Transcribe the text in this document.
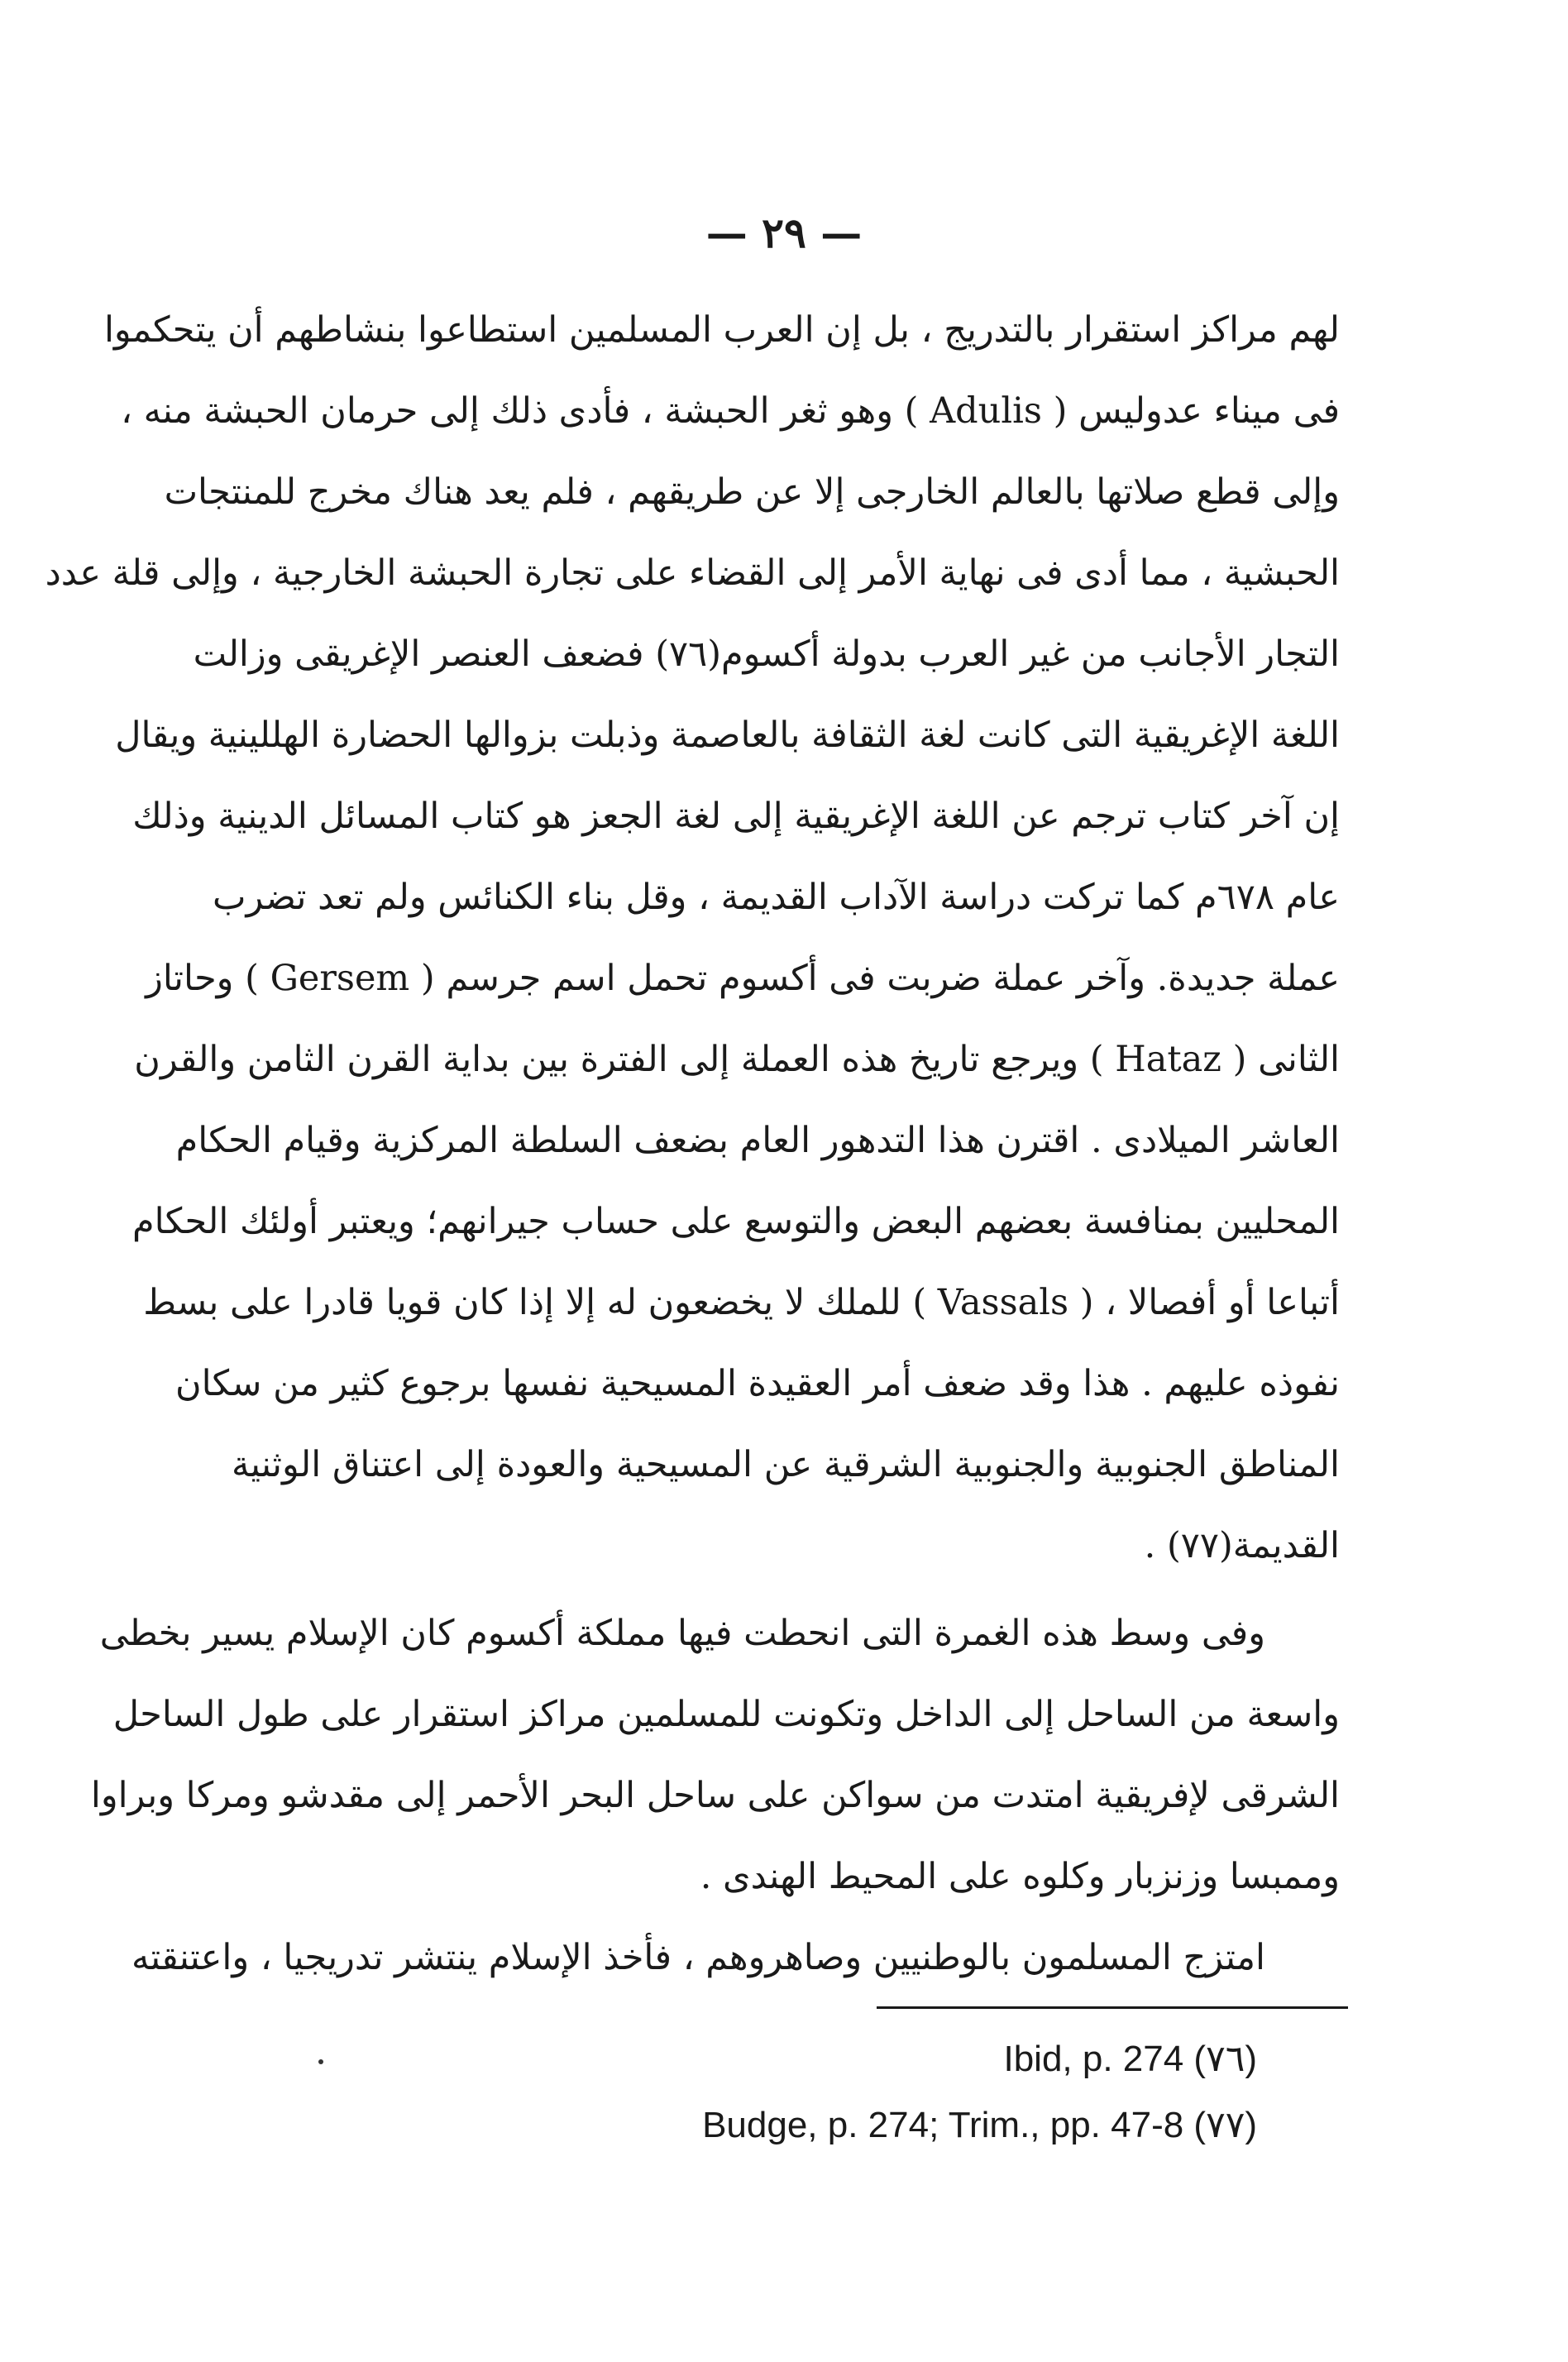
— ٢٩ —
لهم مراكز استقرار بالتدريج ، بل إن العرب المسلمين استطاعوا بنشاطهم أن يتحكموا
فى ميناء عدوليس ( Adulis ) وهو ثغر الحبشة ، فأدى ذلك إلى حرمان الحبشة منه ،
وإلى قطع صلاتها بالعالم الخارجى إلا عن طريقهم ، فلم يعد هناك مخرج للمنتجات
الحبشية ، مما أدى فى نهاية الأمر إلى القضاء على تجارة الحبشة الخارجية ، وإلى قلة عدد
التجار الأجانب من غير العرب بدولة أكسوم(٧٦) فضعف العنصر الإغريقى وزالت
اللغة الإغريقية التى كانت لغة الثقافة بالعاصمة وذبلت بزوالها الحضارة الهللينية ويقال
إن آخر كتاب ترجم عن اللغة الإغريقية إلى لغة الجعز هو كتاب المسائل الدينية وذلك
عام ٦٧٨م كما تركت دراسة الآداب القديمة ، وقل بناء الكنائس ولم تعد تضرب
عملة جديدة. وآخر عملة ضربت فى أكسوم تحمل اسم جرسم ( Gersem ) وحاتاز
الثانى ( Hataz ) ويرجع تاريخ هذه العملة إلى الفترة بين بداية القرن الثامن والقرن
العاشر الميلادى . اقترن هذا التدهور العام بضعف السلطة المركزية وقيام الحكام
المحليين بمنافسة بعضهم البعض والتوسع على حساب جيرانهم؛ ويعتبر أولئك الحكام
أتباعا أو أفصالا ، ( Vassals ) للملك لا يخضعون له إلا إذا كان قويا قادرا على بسط
نفوذه عليهم . هذا وقد ضعف أمر العقيدة المسيحية نفسها برجوع كثير من سكان
المناطق الجنوبية والجنوبية الشرقية عن المسيحية والعودة إلى اعتناق الوثنية
القديمة(٧٧) .
وفى وسط هذه الغمرة التى انحطت فيها مملكة أكسوم كان الإسلام يسير بخطى
واسعة من الساحل إلى الداخل وتكونت للمسلمين مراكز استقرار على طول الساحل
الشرقى لإفريقية امتدت من سواكن على ساحل البحر الأحمر إلى مقدشو ومركا وبراوا
وممبسا وزنزبار وكلوه على المحيط الهندى .
امتزج المسلمون بالوطنيين وصاهروهم ، فأخذ الإسلام ينتشر تدريجيا ، واعتنقته
Ibid, p. 274 (٧٦)
Budge, p. 274; Trim., pp. 47-8 (٧٧)
